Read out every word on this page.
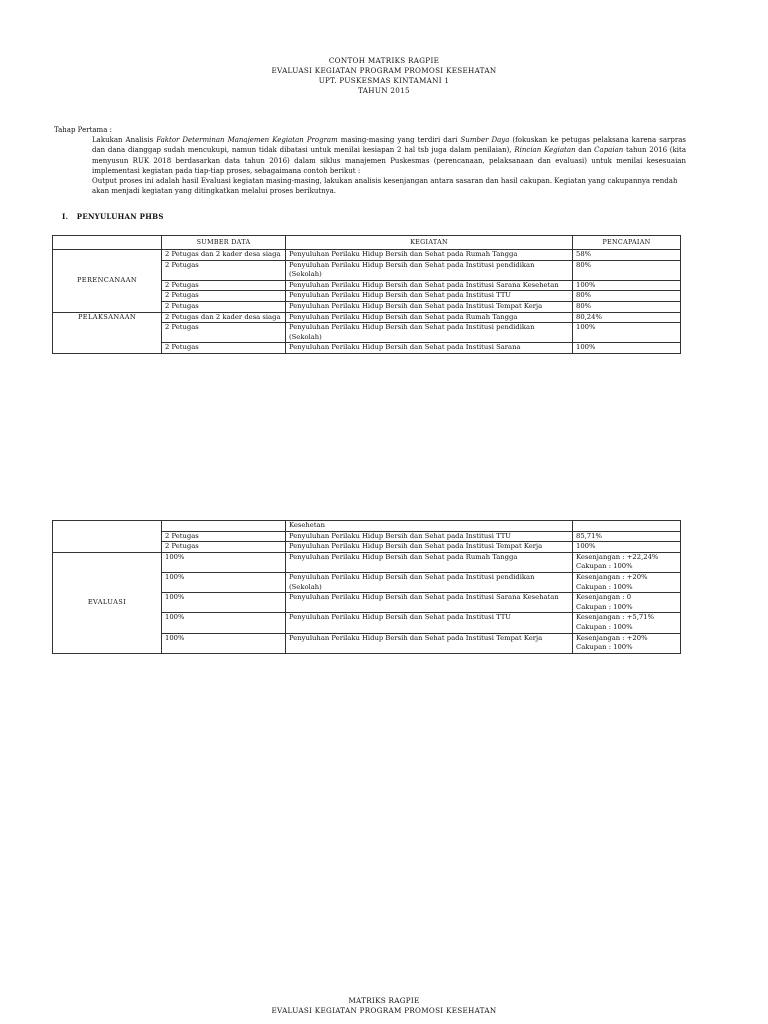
CONTOH MATRIKS RAGPIE
EVALUASI KEGIATAN PROGRAM PROMOSI KESEHATAN
UPT. PUSKESMAS KINTAMANI 1
TAHUN 2015

Tahap Pertama :

Lakukan Analisis Faktor Determinan Manajemen Kegiatan Program masing-masing yang terdiri dari Sumber Daya (fokuskan ke petugas pelaksana karena sarpras dan dana dianggap sudah mencukupi, namun tidak dibatasi untuk menilai kesiapan 2 hal tsb juga dalam penilaian), Rincian Kegiatan dan Capaian tahun 2016 (kita menyusun RUK 2018 berdasarkan data tahun 2016) dalam siklus manajemen Puskesmas (perencanaan, pelaksanaan dan evaluasi) untuk menilai kesesuaian implementasi kegiatan pada tiap-tiap proses, sebagaimana contoh berikut :

Output proses ini adalah hasil Evaluasi kegiatan masing-masing, lakukan analisis kesenjangan antara sasaran dan hasil cakupan. Kegiatan yang cakupannya rendah akan menjadi kegiatan yang ditingkatkan melalui proses berikutnya.

I. PENYULUHAN PHBS
	SUMBER DATA	KEGIATAN	PENCAPAIAN
PERENCANAAN	2 Petugas dan 2 kader desa siaga	Penyuluhan Perilaku Hidup Bersih dan Sehat pada Rumah Tangga	58%
	2 Petugas	Penyuluhan Perilaku Hidup Bersih dan Sehat pada Institusi pendidikan (Sekolah)	80%
	2 Petugas	Penyuluhan Perilaku Hidup Bersih dan Sehat pada Institusi Sarana Kesehetan	100%
	2 Petugas	Penyuluhan Perilaku Hidup Bersih dan Sehat pada Institusi TTU	80%
	2 Petugas	Penyuluhan Perilaku Hidup Bersih dan Sehat pada Institusi Tempat Kerja	80%
PELAKSANAAN	2 Petugas dan 2 kader desa siaga	Penyuluhan Perilaku Hidup Bersih dan Sehat pada Rumah Tangga	80,24%
	2 Petugas	Penyuluhan Perilaku Hidup Bersih dan Sehat pada Institusi pendidikan (Sekolah)	100%
	2 Petugas	Penyuluhan Perilaku Hidup Bersih dan Sehat pada Institusi Sarana	100%
		Kesehetan	
	2 Petugas	Penyuluhan Perilaku Hidup Bersih dan Sehat pada Institusi TTU	85,71%
	2 Petugas	Penyuluhan Perilaku Hidup Bersih dan Sehat pada Institusi Tempat Kerja	100%
EVALUASI	100%	Penyuluhan Perilaku Hidup Bersih dan Sehat pada Rumah Tangga	Kesenjangan : +22,24%
Cakupan : 100%
	100%	Penyuluhan Perilaku Hidup Bersih dan Sehat pada Institusi pendidikan (Sekolah)	Kesenjangan : +20%
Cakupan : 100%
	100%	Penyuluhan Perilaku Hidup Bersih dan Sehat pada Institusi Sarana Kesehatan	Kesenjangan : 0
Cakupan : 100%
	100%	Penyuluhan Perilaku Hidup Bersih dan Sehat pada Institusi TTU	Kesenjangan : +5,71%
Cakupan : 100%
	100%	Penyuluhan Perilaku Hidup Bersih dan Sehat pada Institusi Tempat Kerja	Kesenjangan : +20%
Cakupan : 100%
MATRIKS RAGPIE
EVALUASI KEGIATAN PROGRAM PROMOSI KESEHATAN
